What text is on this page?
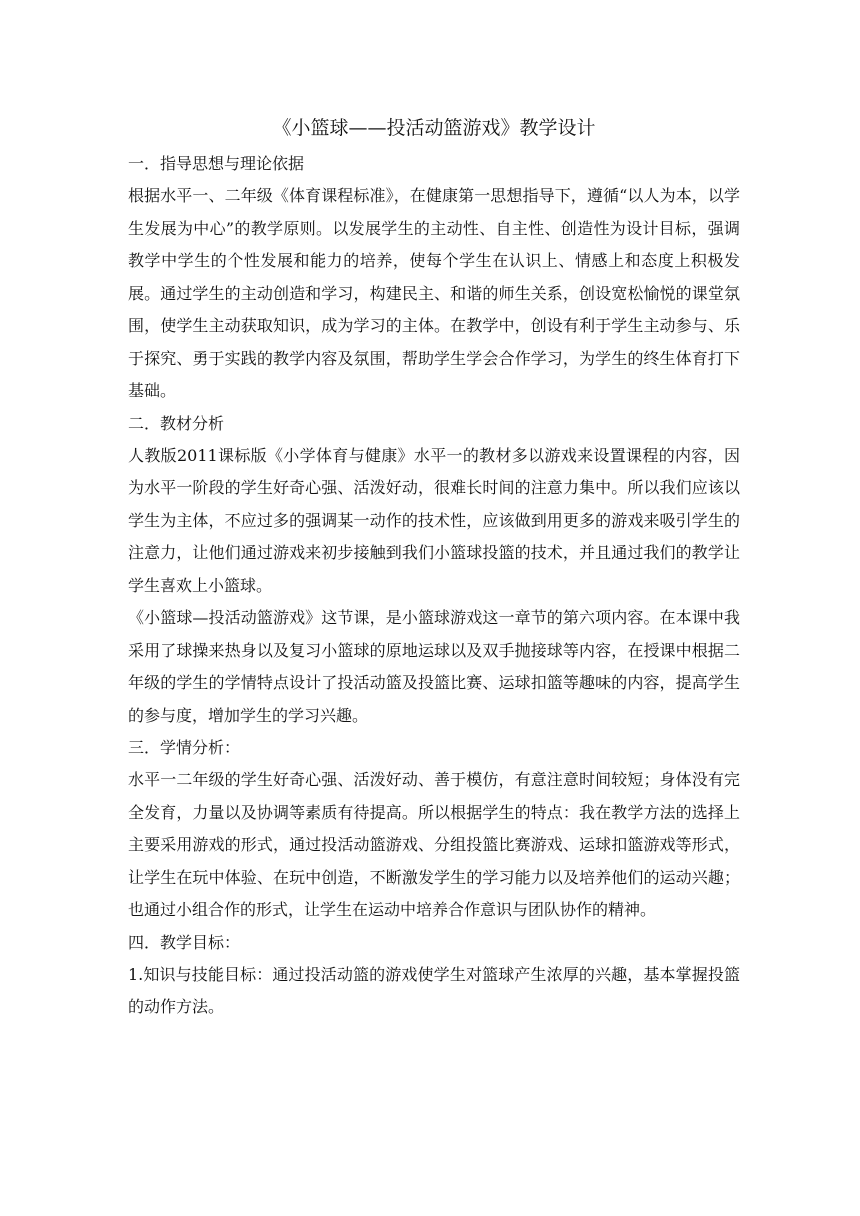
《小篮球——投活动篮游戏》教学设计

一．指导思想与理论依据

根据水平一、二年级《体育课程标准》，在健康第一思想指导下，遵循“以人为本，以学生发展为中心”的教学原则。以发展学生的主动性、自主性、创造性为设计目标，强调教学中学生的个性发展和能力的培养，使每个学生在认识上、情感上和态度上积极发展。通过学生的主动创造和学习，构建民主、和谐的师生关系，创设宽松愉悦的课堂氛围，使学生主动获取知识，成为学习的主体。在教学中，创设有利于学生主动参与、乐于探究、勇于实践的教学内容及氛围，帮助学生学会合作学习，为学生的终生体育打下基础。

二．教材分析

人教版2011课标版《小学体育与健康》水平一的教材多以游戏来设置课程的内容，因为水平一阶段的学生好奇心强、活泼好动，很难长时间的注意力集中。所以我们应该以学生为主体，不应过多的强调某一动作的技术性，应该做到用更多的游戏来吸引学生的注意力，让他们通过游戏来初步接触到我们小篮球投篮的技术，并且通过我们的教学让学生喜欢上小篮球。

《小篮球—投活动篮游戏》这节课，是小篮球游戏这一章节的第六项内容。在本课中我采用了球操来热身以及复习小篮球的原地运球以及双手抛接球等内容，在授课中根据二年级的学生的学情特点设计了投活动篮及投篮比赛、运球扣篮等趣味的内容，提高学生的参与度，增加学生的学习兴趣。

三．学情分析：

水平一二年级的学生好奇心强、活泼好动、善于模仿，有意注意时间较短；身体没有完全发育，力量以及协调等素质有待提高。所以根据学生的特点：我在教学方法的选择上主要采用游戏的形式，通过投活动篮游戏、分组投篮比赛游戏、运球扣篮游戏等形式，让学生在玩中体验、在玩中创造，不断激发学生的学习能力以及培养他们的运动兴趣；也通过小组合作的形式，让学生在运动中培养合作意识与团队协作的精神。

四．教学目标：

1.知识与技能目标：通过投活动篮的游戏使学生对篮球产生浓厚的兴趣，基本掌握投篮的动作方法。
